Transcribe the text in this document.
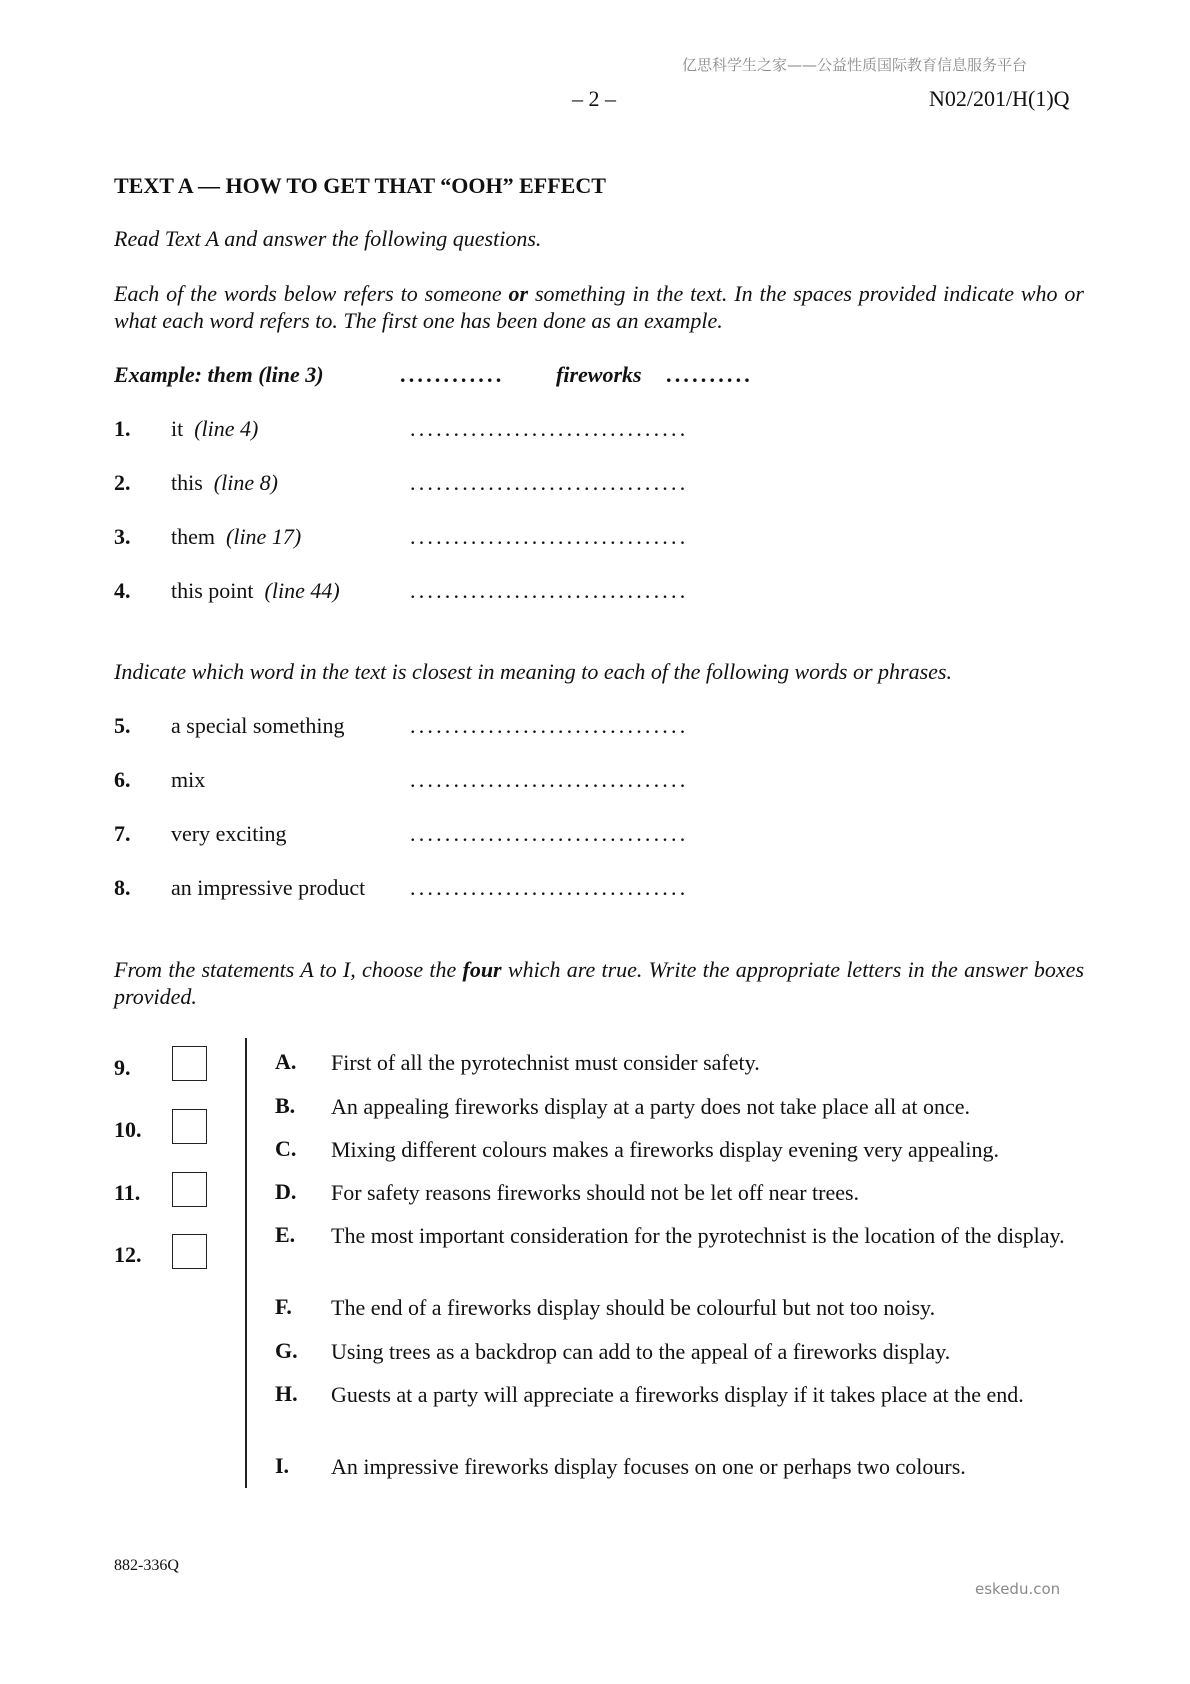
亿思科学生之家——公益性质国际教育信息服务平台
– 2 –	N02/201/H(1)Q
TEXT A — HOW TO GET THAT “OOH” EFFECT
Read Text A and answer the following questions.
Each of the words below refers to someone or something in the text. In the spaces provided indicate who or what each word refers to. The first one has been done as an example.
Example: them (line 3)	............ fireworks ..........
1. it (line 4)	................................
2. this (line 8)	................................
3. them (line 17)	................................
4. this point (line 44)	................................
Indicate which word in the text is closest in meaning to each of the following words or phrases.
5. a special something	................................
6. mix	................................
7. very exciting	................................
8. an impressive product ................................
From the statements A to I, choose the four which are true. Write the appropriate letters in the answer boxes provided.
9.
10.
11.
12.
A. First of all the pyrotechnist must consider safety.
B. An appealing fireworks display at a party does not take place all at once.
C. Mixing different colours makes a fireworks display evening very appealing.
D. For safety reasons fireworks should not be let off near trees.
E. The most important consideration for the pyrotechnist is the location of the display.
F. The end of a fireworks display should be colourful but not too noisy.
G. Using trees as a backdrop can add to the appeal of a fireworks display.
H. Guests at a party will appreciate a fireworks display if it takes place at the end.
I. An impressive fireworks display focuses on one or perhaps two colours.
882-336Q
eskedu.con
